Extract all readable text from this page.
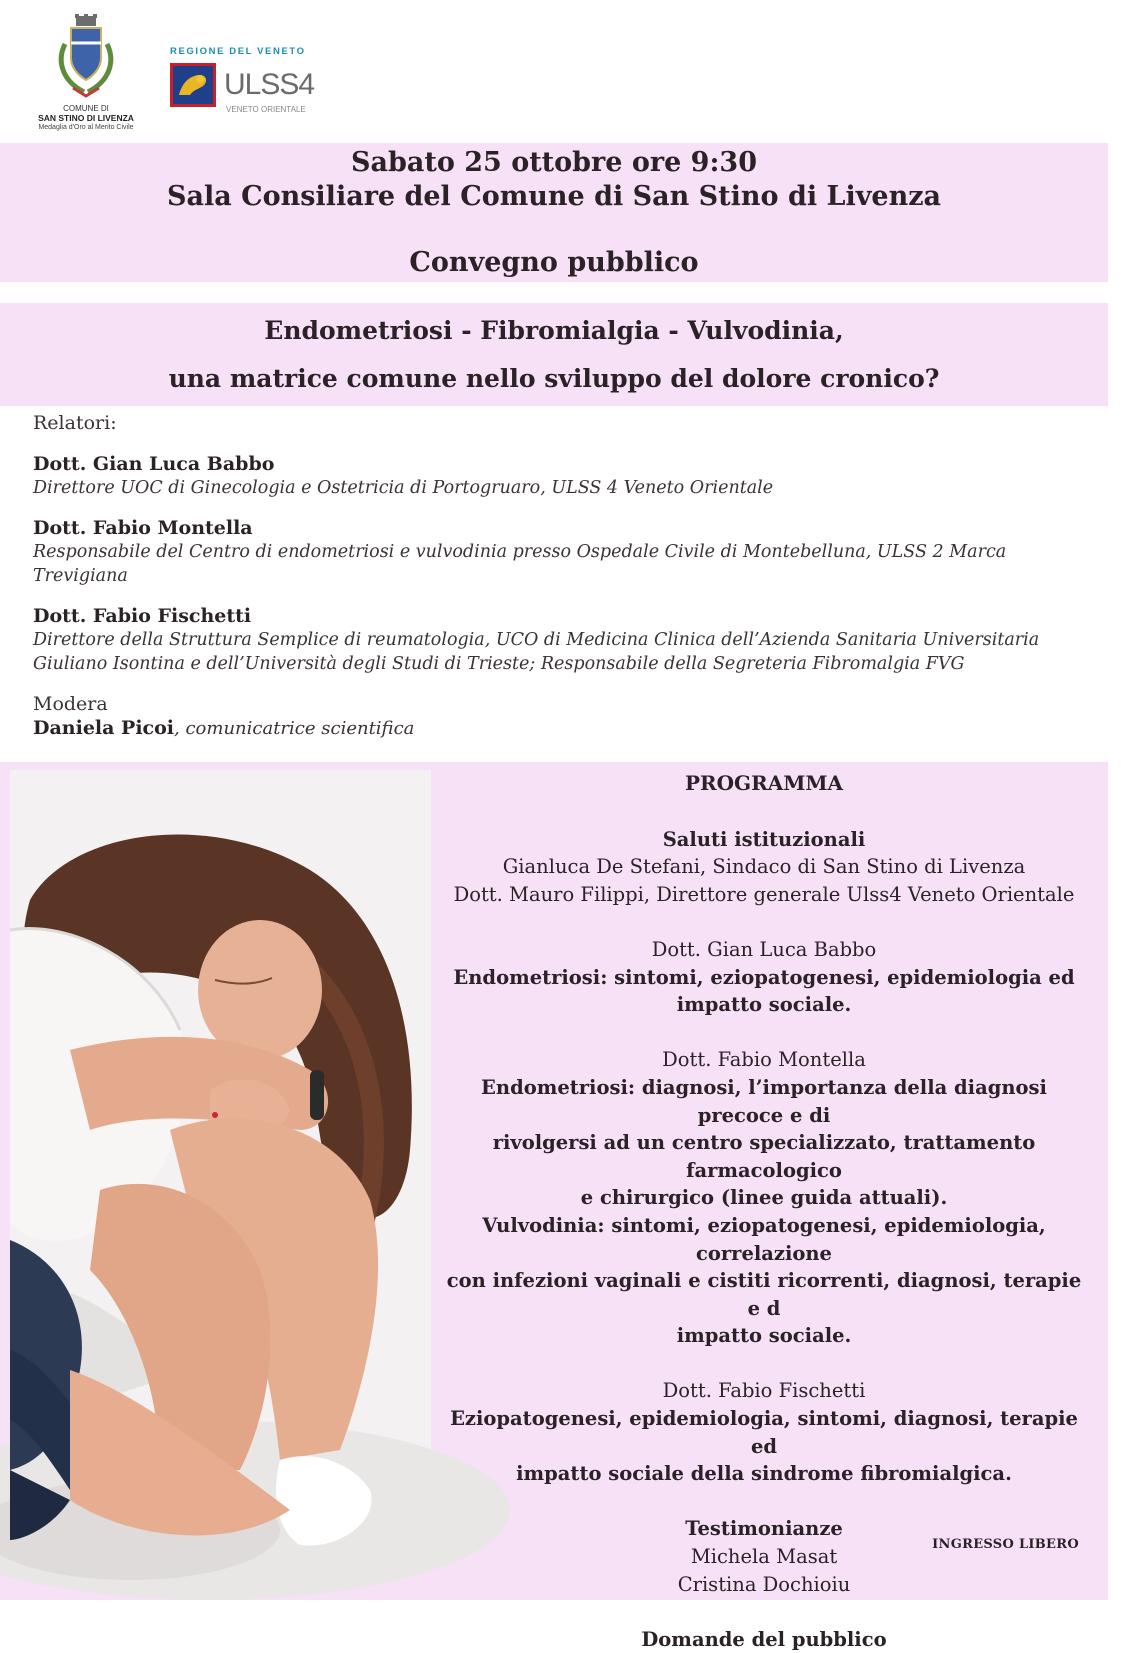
COMUNE DI
SAN STINO DI LIVENZA
Medaglia d'Oro al Merito Civile
REGIONE DEL VENETO
ULSS4
VENETO ORIENTALE
Sabato 25 ottobre ore 9:30
Sala Consiliare del Comune di San Stino di Livenza
Convegno pubblico
Endometriosi - Fibromialgia - Vulvodinia,
una matrice comune nello sviluppo del dolore cronico?
Relatori:
Dott. Gian Luca Babbo
Direttore UOC di Ginecologia e Ostetricia di Portogruaro, ULSS 4 Veneto Orientale
Dott. Fabio Montella
Responsabile del Centro di endometriosi e vulvodinia presso Ospedale Civile di Montebelluna, ULSS 2 Marca Trevigiana
Dott. Fabio Fischetti
Direttore della Struttura Semplice di reumatologia, UCO di Medicina Clinica dell’Azienda Sanitaria Universitaria
Giuliano Isontina e dell’Università degli Studi di Trieste; Responsabile della Segreteria Fibromalgia FVG
Modera
Daniela Picoi, comunicatrice scientifica
PROGRAMMA
Saluti istituzionali
Gianluca De Stefani, Sindaco di San Stino di Livenza
Dott. Mauro Filippi, Direttore generale Ulss4 Veneto Orientale
Dott. Gian Luca Babbo
Endometriosi: sintomi, eziopatogenesi, epidemiologia ed
impatto sociale.
Dott. Fabio Montella
Endometriosi: diagnosi, l’importanza della diagnosi precoce e di
rivolgersi ad un centro specializzato, trattamento farmacologico
e chirurgico (linee guida attuali).
Vulvodinia: sintomi, eziopatogenesi, epidemiologia, correlazione
con infezioni vaginali e cistiti ricorrenti, diagnosi, terapie e d
impatto sociale.
Dott. Fabio Fischetti
Eziopatogenesi, epidemiologia, sintomi, diagnosi, terapie ed
impatto sociale della sindrome fibromialgica.
Testimonianze
Michela Masat
Cristina Dochioiu
Domande del pubblico
INGRESSO LIBERO
